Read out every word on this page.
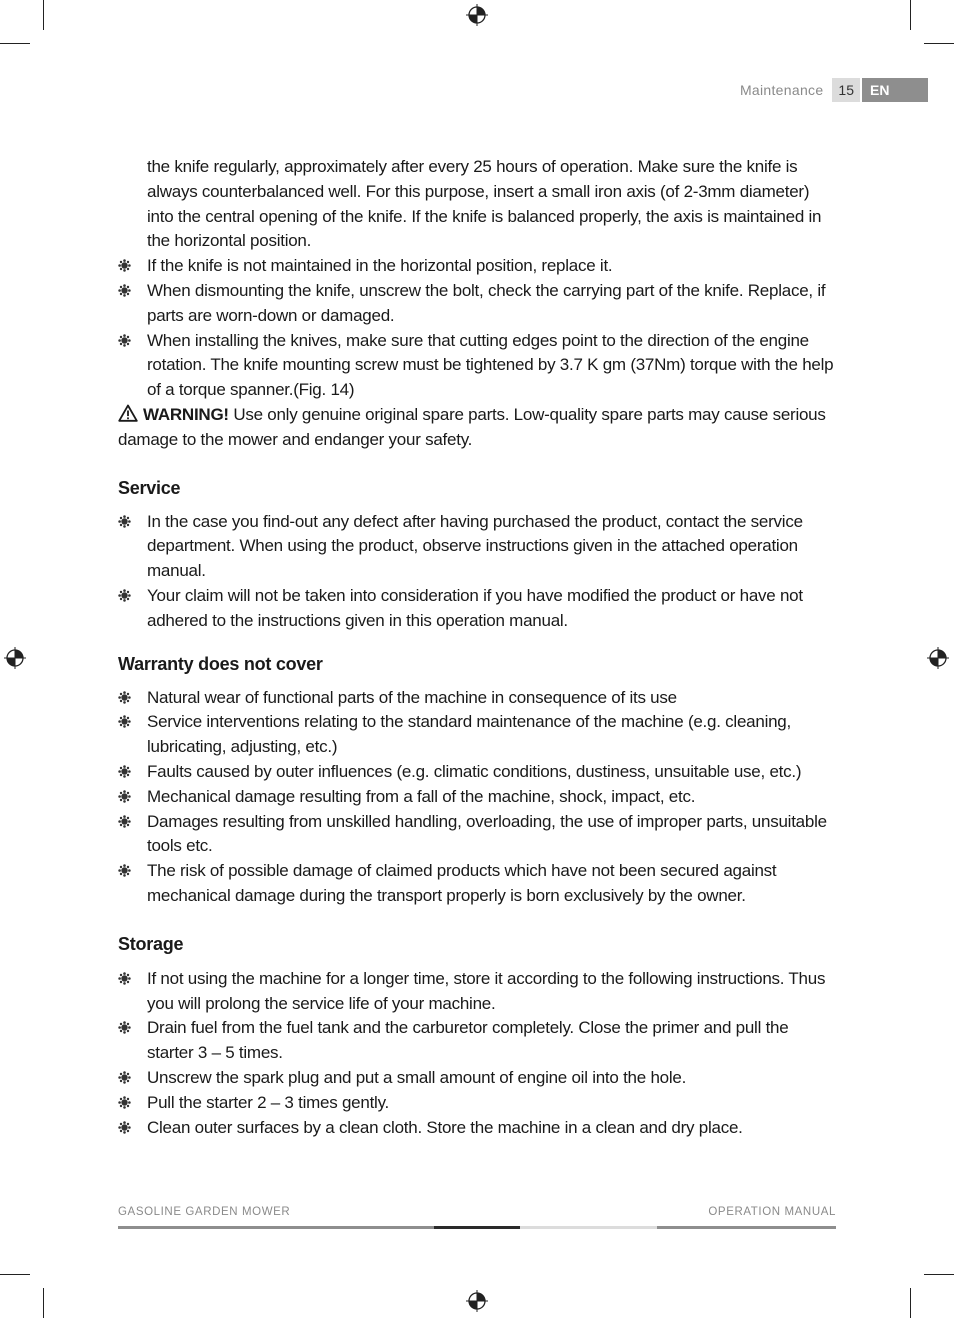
Maintenance	15	EN

the knife regularly, approximately after every 25 hours of operation. Make sure the knife is always counterbalanced well. For this purpose, insert a small iron axis (of 2-3mm diameter) into the central opening of the knife. If the knife is balanced properly, the axis is maintained in the horizontal position.

If the knife is not maintained in the horizontal position, replace it.
When dismounting the knife, unscrew the bolt, check the carrying part of the knife. Replace, if parts are worn-down or damaged.
When installing the knives, make sure that cutting edges point to the direction of the engine rotation. The knife mounting screw must be tightened by 3.7 K gm (37Nm) torque with the help of a torque spanner.(Fig. 14)

WARNING! Use only genuine original spare parts. Low-quality spare parts may cause serious damage to the mower and endanger your safety.

Service
In the case you find-out any defect after having purchased the product, contact the service department. When using the product, observe instructions given in the attached operation manual.
Your claim will not be taken into consideration if you have modified the product or have not adhered to the instructions given in this operation manual.
Warranty does not cover
Natural wear of functional parts of the machine in consequence of its use
Service interventions relating to the standard maintenance of the machine (e.g. cleaning, lubricating, adjusting, etc.)
Faults caused by outer influences (e.g. climatic conditions, dustiness, unsuitable use, etc.)
Mechanical damage resulting from a fall of the machine, shock, impact, etc.
Damages resulting from unskilled handling, overloading, the use of improper parts, unsuitable tools etc.
The risk of possible damage of claimed products which have not been secured against mechanical damage during the transport properly is born exclusively by the owner.
Storage
If not using the machine for a longer time, store it according to the following instructions. Thus you will prolong the service life of your machine.
Drain fuel from the fuel tank and the carburetor completely. Close the primer and pull the starter 3 – 5 times.
Unscrew the spark plug and put a small amount of engine oil into the hole.
Pull the starter 2 – 3 times gently.
Clean outer surfaces by a clean cloth. Store the machine in a clean and dry place.
GASOLINE GARDEN MOWER	OPERATION MANUAL
